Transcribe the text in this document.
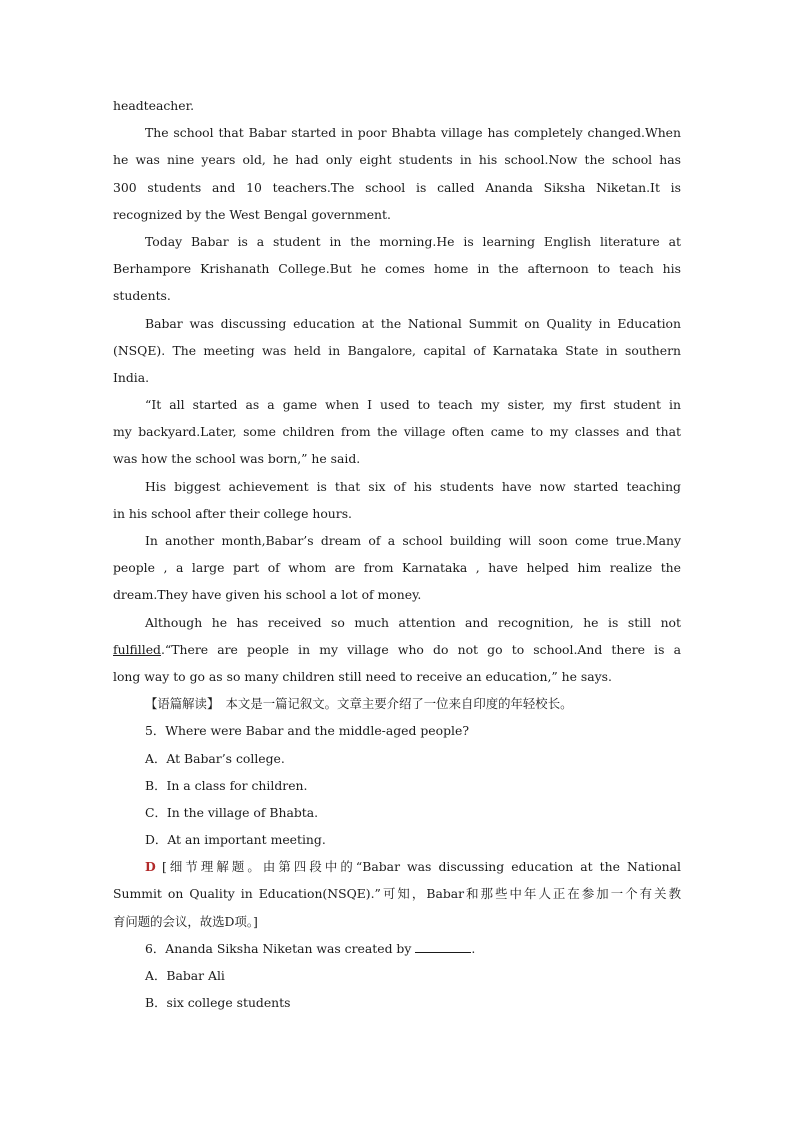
headteacher.
The school that Babar started in poor Bhabta village has completely changed.When
he was nine years old, he had only eight students in his school.Now the school has
300 students and 10 teachers.The school is called Ananda Siksha Niketan.It is
recognized by the West Bengal government.
Today Babar is a student in the morning.He is learning English literature at
Berhampore Krishanath College.But he comes home in the afternoon to teach his
students.
Babar was discussing education at the National Summit on Quality in Education
(NSQE). The meeting was held in Bangalore, capital of Karnataka State in southern
India.
“It all started as a game when I used to teach my sister, my first student in
my backyard.Later, some children from the village often came to my classes and that
was how the school was born,” he said.
His biggest achievement is that six of his students have now started teaching
in his school after their college hours.
In another month,Babar’s dream of a school building will soon come true.Many
people , a large part of whom are from Karnataka , have helped him realize the
dream.They have given his school a lot of money.
Although he has received so much attention and recognition, he is still not
fulfilled.“There are people in my village who do not go to school.And there is a
long way to go as so many children still need to receive an education,” he says.
【语篇解读】　本文是一篇记叙文。文章主要介绍了一位来自印度的年轻校长。
5．Where were Babar and the middle-aged people?
A．At Babar’s college.
B．In a class for children.
C．In the village of Bhabta.
D．At an important meeting.
D  [细节理解题。由第四段中的“Babar was discussing education at the National
Summit on Quality in Education(NSQE).”可知，Babar和那些中年人正在参加一个有关教
育问题的会议，故选D项。]
6．Ananda Siksha Niketan was created by	.
A．Babar Ali
B．six college students
